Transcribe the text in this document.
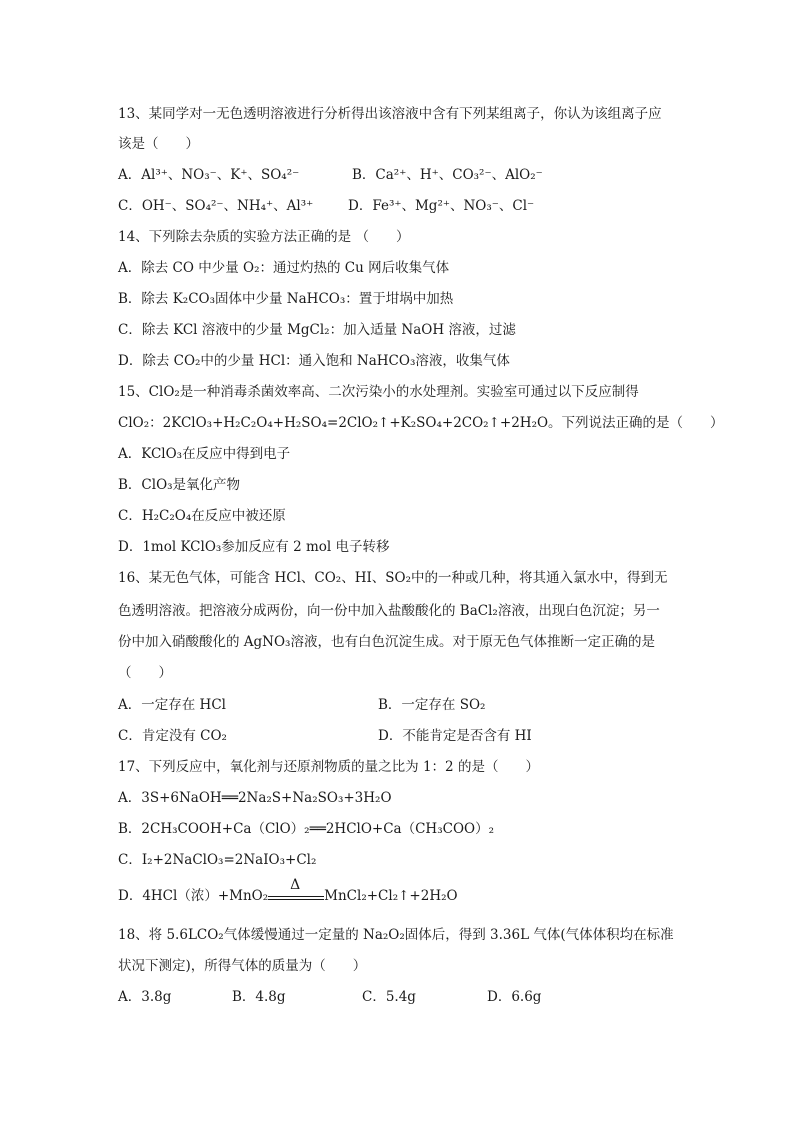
13、某同学对一无色透明溶液进行分析得出该溶液中含有下列某组离子，你认为该组离子应
该是（　　）
A．Al³⁺、NO₃⁻、K⁺、SO₄²⁻	B．Ca²⁺、H⁺、CO₃²⁻、AlO₂⁻
C．OH⁻、SO₄²⁻、NH₄⁺、Al³⁺	D．Fe³⁺、Mg²⁺、NO₃⁻、Cl⁻
14、下列除去杂质的实验方法正确的是 （　　）
A．除去 CO 中少量 O₂：通过灼热的 Cu 网后收集气体
B．除去 K₂CO₃固体中少量 NaHCO₃：置于坩埚中加热
C．除去 KCl 溶液中的少量 MgCl₂：加入适量 NaOH 溶液，过滤
D．除去 CO₂中的少量 HCl：通入饱和 NaHCO₃溶液，收集气体
15、ClO₂是一种消毒杀菌效率高、二次污染小的水处理剂。实验室可通过以下反应制得
ClO₂：2KClO₃+H₂C₂O₄+H₂SO₄=2ClO₂↑+K₂SO₄+2CO₂↑+2H₂O。下列说法正确的是（　　）
A．KClO₃在反应中得到电子
B．ClO₃是氧化产物
C．H₂C₂O₄在反应中被还原
D．1mol KClO₃参加反应有 2 mol 电子转移
16、某无色气体，可能含 HCl、CO₂、HI、SO₂中的一种或几种，将其通入氯水中，得到无
色透明溶液。把溶液分成两份，向一份中加入盐酸酸化的 BaCl₂溶液，出现白色沉淀；另一
份中加入硝酸酸化的 AgNO₃溶液，也有白色沉淀生成。对于原无色气体推断一定正确的是
（　　）
A．一定存在 HCl	B．一定存在 SO₂
C．肯定没有 CO₂	D．不能肯定是否含有 HI
17、下列反应中，氧化剂与还原剂物质的量之比为 1：2 的是（　　）
A．3S+6NaOH══2Na₂S+Na₂SO₃+3H₂O
B．2CH₃COOH+Ca（ClO）₂══2HClO+Ca（CH₃COO）₂
C．I₂+2NaClO₃=2NaIO₃+Cl₂
D．4HCl（浓）+MnO₂
Δ
MnCl₂+Cl₂↑+2H₂O
18、将 5.6LCO₂气体缓慢通过一定量的 Na₂O₂固体后，得到 3.36L 气体(气体体积均在标准
状况下测定)，所得气体的质量为（　　）
A．3.8g	B．4.8g	C．5.4g	D．6.6g
